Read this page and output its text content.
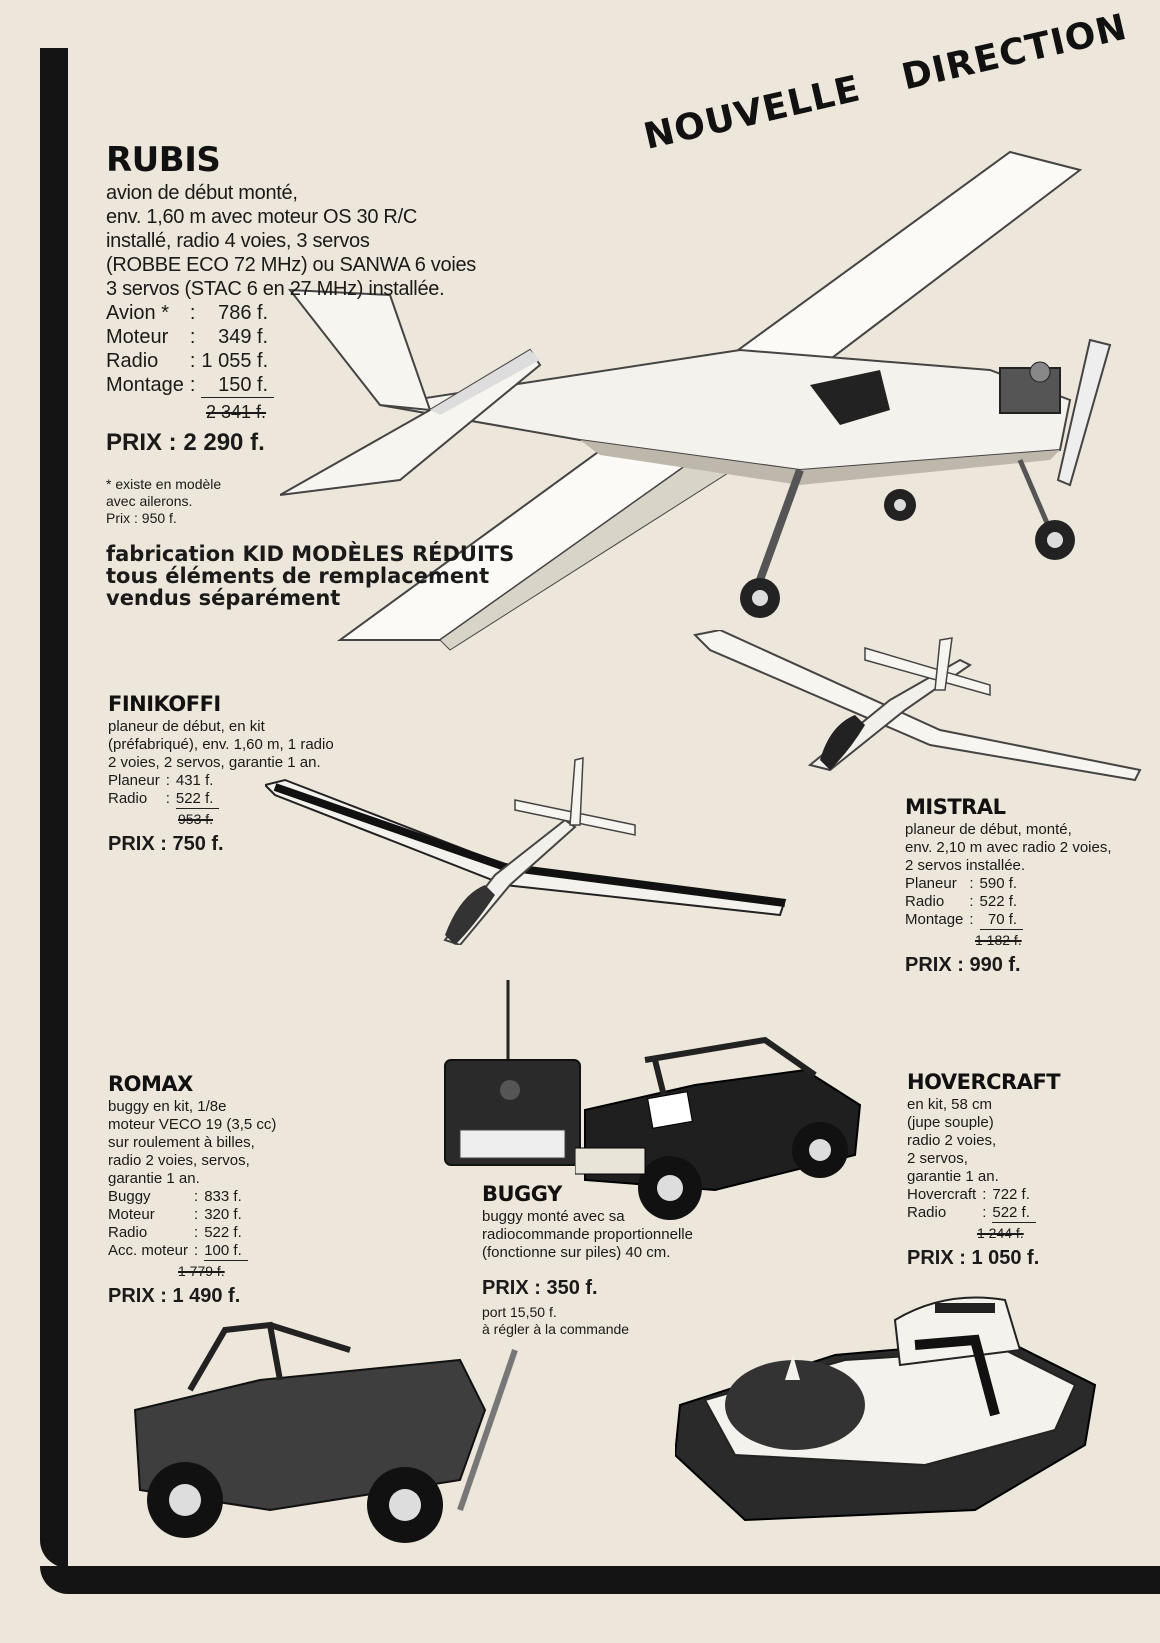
NOUVELLEDIRECTION
RUBIS
avion de début monté,
env. 1,60 m avec moteur OS 30 R/C
installé, radio 4 voies, 3 servos
(ROBBE ECO 72 MHz) ou SANWA 6 voies
3 servos (STAC 6 en 27 MHz) installée.
Avion *	:	786 f.
Moteur	:	349 f.
Radio	:	1 055 f.
Montage	:	150 f.
2 341 f.
PRIX : 2 290 f.
* existe en modèle
avec ailerons.
Prix : 950 f.
fabrication KID MODÈLES RÉDUITS
tous éléments de remplacement
vendus séparément
FINIKOFFI
planeur de début, en kit
(préfabriqué), env. 1,60 m, 1 radio
2 voies, 2 servos, garantie 1 an.
Planeur	:	431 f.
Radio	:	522 f.
953 f.
PRIX : 750 f.
MISTRAL
planeur de début, monté,
env. 2,10 m avec radio 2 voies,
2 servos installée.
Planeur	:	590 f.
Radio	:	522 f.
Montage	:	70 f.
1 182 f.
PRIX : 990 f.
ROMAX
buggy en kit, 1/8e
moteur VECO 19 (3,5 cc)
sur roulement à billes,
radio 2 voies, servos,
garantie 1 an.
Buggy	:	833 f.
Moteur	:	320 f.
Radio	:	522 f.
Acc. moteur	:	100 f.
1 779 f.
PRIX : 1 490 f.
BUGGY
buggy monté avec sa
radiocommande proportionnelle
(fonctionne sur piles) 40 cm.
PRIX : 350 f.
port 15,50 f.
à régler à la commande
HOVERCRAFT
en kit, 58 cm
(jupe souple)
radio 2 voies,
2 servos,
garantie 1 an.
Hovercraft	:	722 f.
Radio	:	522 f.
1 244 f.
PRIX : 1 050 f.
